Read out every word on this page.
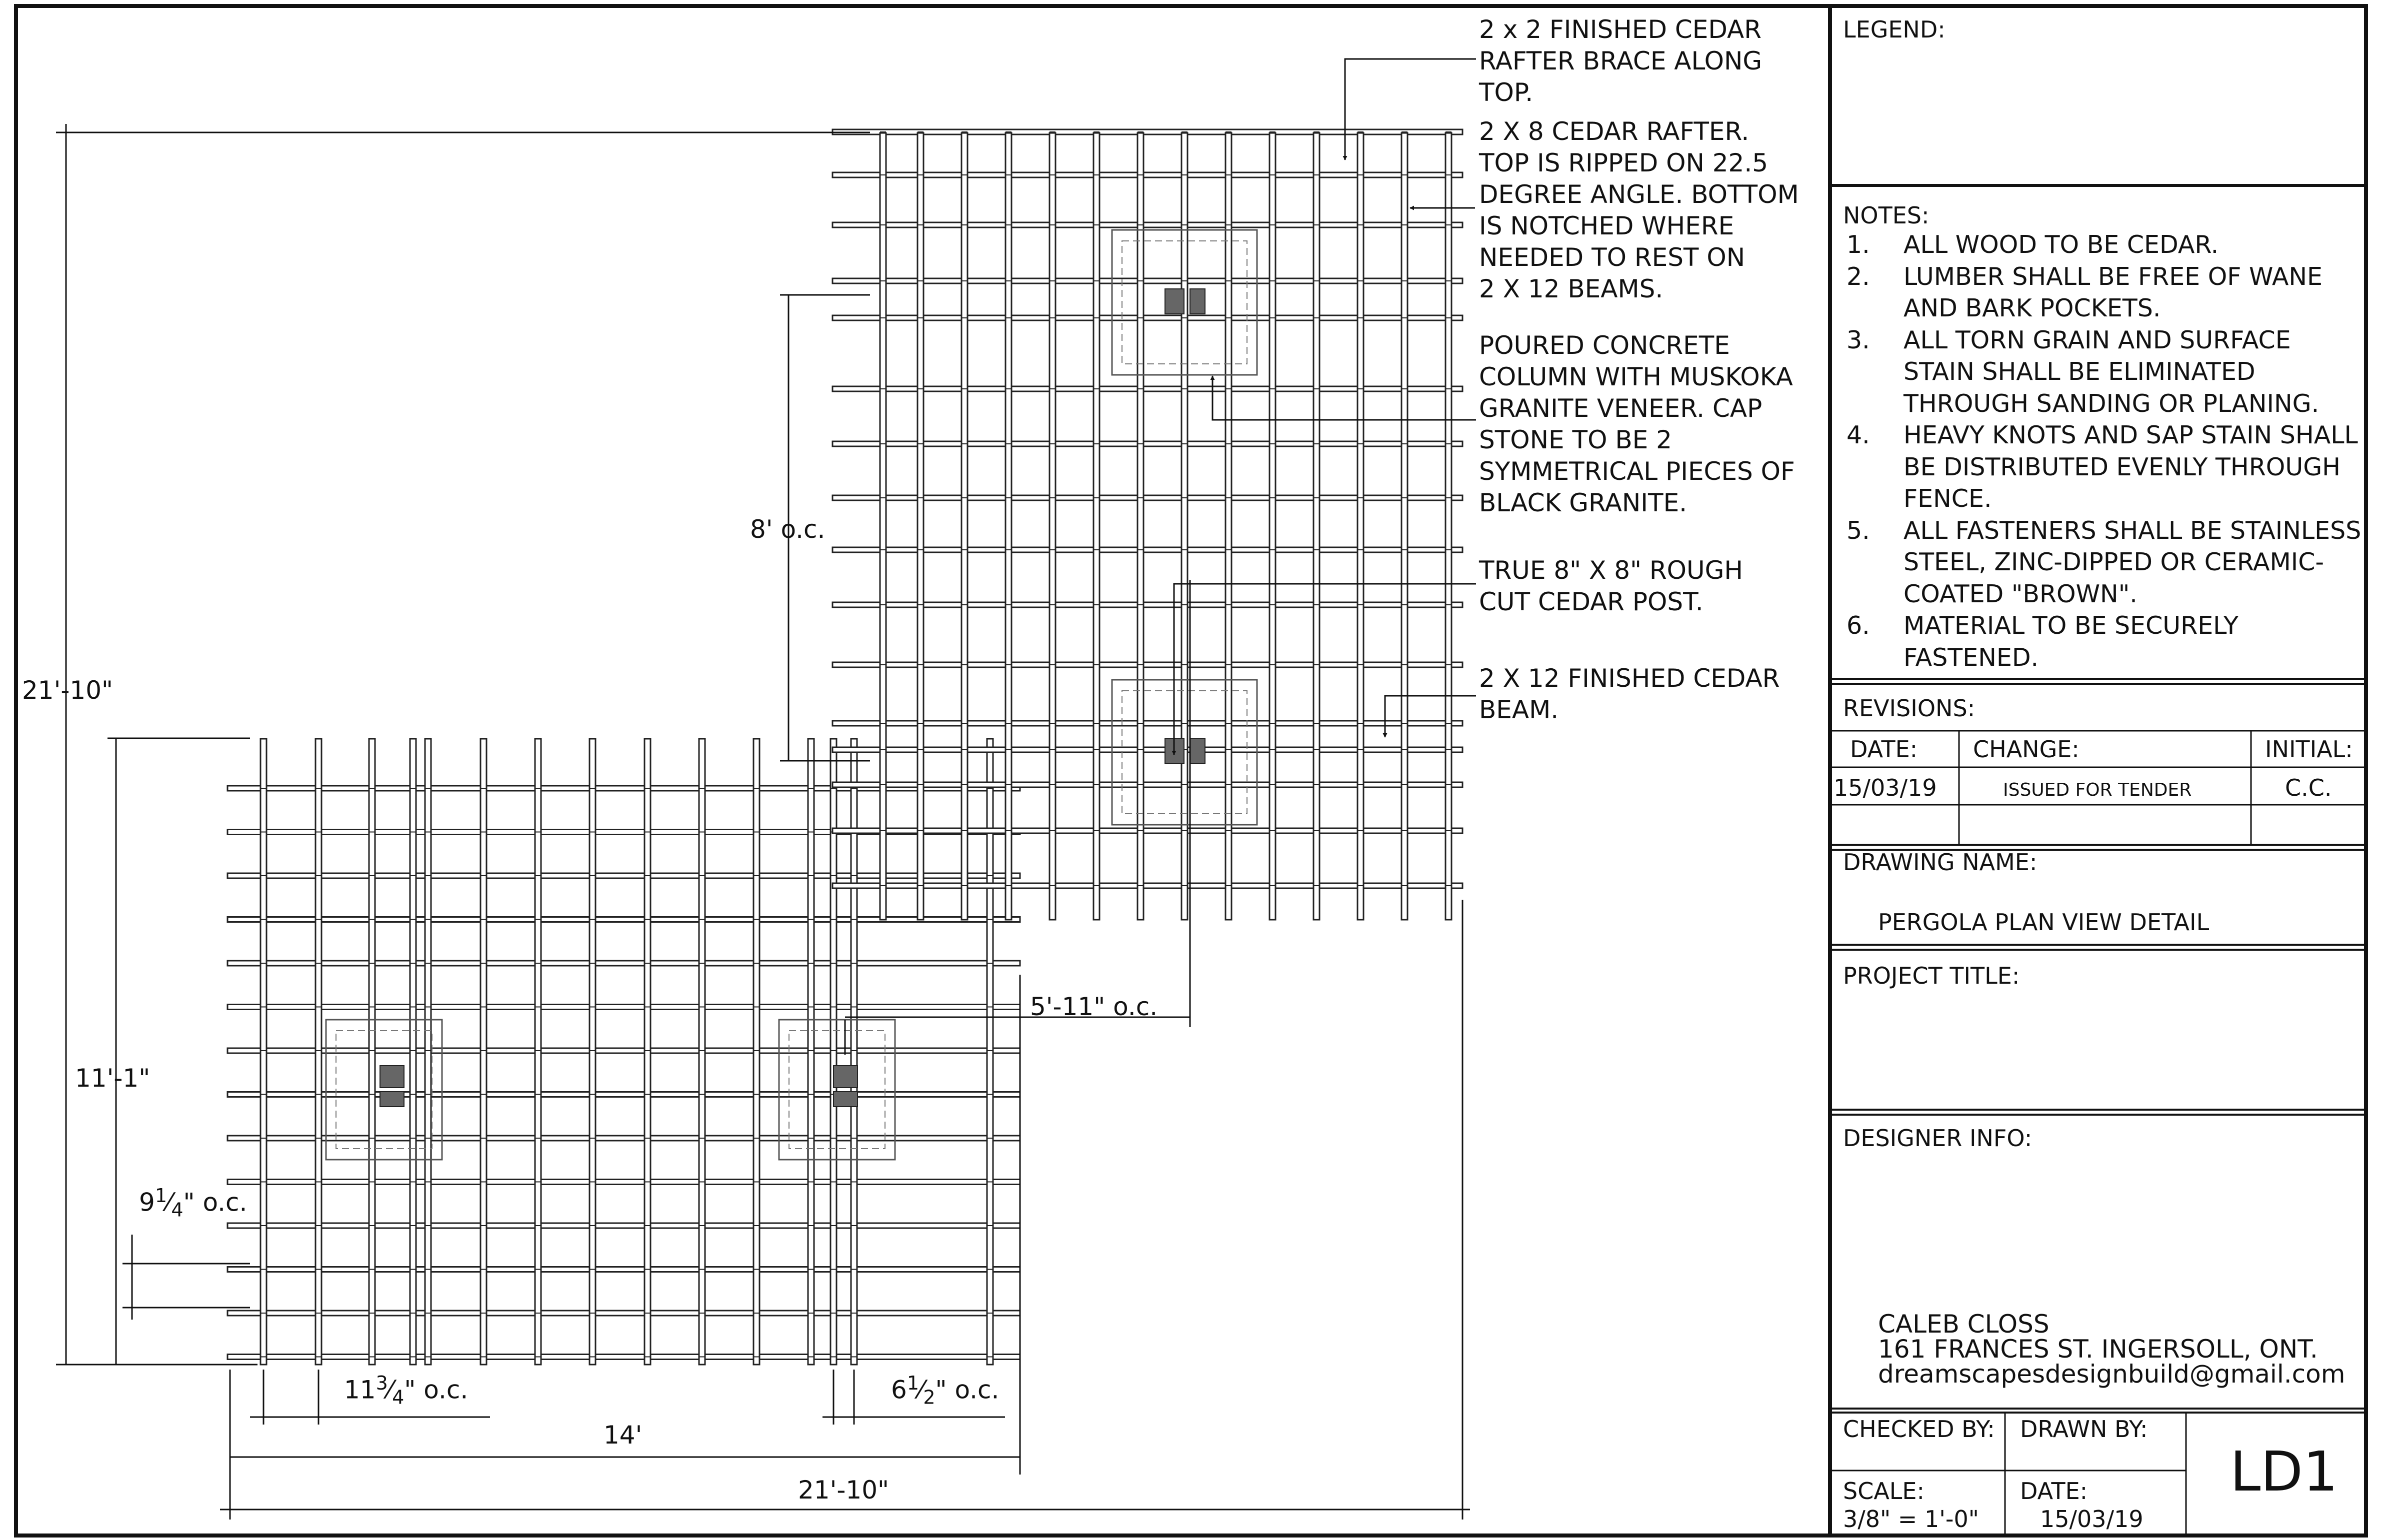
2 x 2 FINISHED CEDAR
RAFTER BRACE ALONG
TOP.
2 X 8 CEDAR RAFTER.
TOP IS RIPPED ON 22.5
DEGREE ANGLE. BOTTOM
IS NOTCHED WHERE
NEEDED TO REST ON
2 X 12 BEAMS.
POURED CONCRETE
COLUMN WITH MUSKOKA
GRANITE VENEER. CAP
STONE TO BE 2
SYMMETRICAL PIECES OF
BLACK GRANITE.
TRUE 8" X 8" ROUGH
CUT CEDAR POST.
2 X 12 FINISHED CEDAR
BEAM.
21'-10"
11'-1"
8' o.c.
5'-11" o.c.
$9^1⁄_4$" o.c.
$11^3⁄_4$" o.c.	$6^1⁄_2$" o.c.
14'
21'-10"
LEGEND:
NOTES:
1.	ALL WOOD TO BE CEDAR.
2.	LUMBER SHALL BE FREE OF WANE AND BARK POCKETS.
3.	ALL TORN GRAIN AND SURFACE STAIN SHALL BE ELIMINATED THROUGH SANDING OR PLANING.
4.	HEAVY KNOTS AND SAP STAIN SHALL BE DISTRIBUTED EVENLY THROUGH FENCE.
5.	ALL FASTENERS SHALL BE STAINLESS STEEL, ZINC-DIPPED OR CERAMIC-COATED "BROWN".
6.	MATERIAL TO BE SECURELY FASTENED.
REVISIONS:
DATE: CHANGE:	INITIAL:
15/03/19	ISSUED FOR TENDER	C.C.
DRAWING NAME:
PERGOLA PLAN VIEW DETAIL
PROJECT TITLE:
DESIGNER INFO:
CALEB CLOSS
161 FRANCES ST. INGERSOLL, ONT.
dreamscapesdesignbuild@gmail.com
CHECKED BY: DRAWN BY:
SCALE:
3/8" = 1'-0"
DATE:
15/03/19
LD1
